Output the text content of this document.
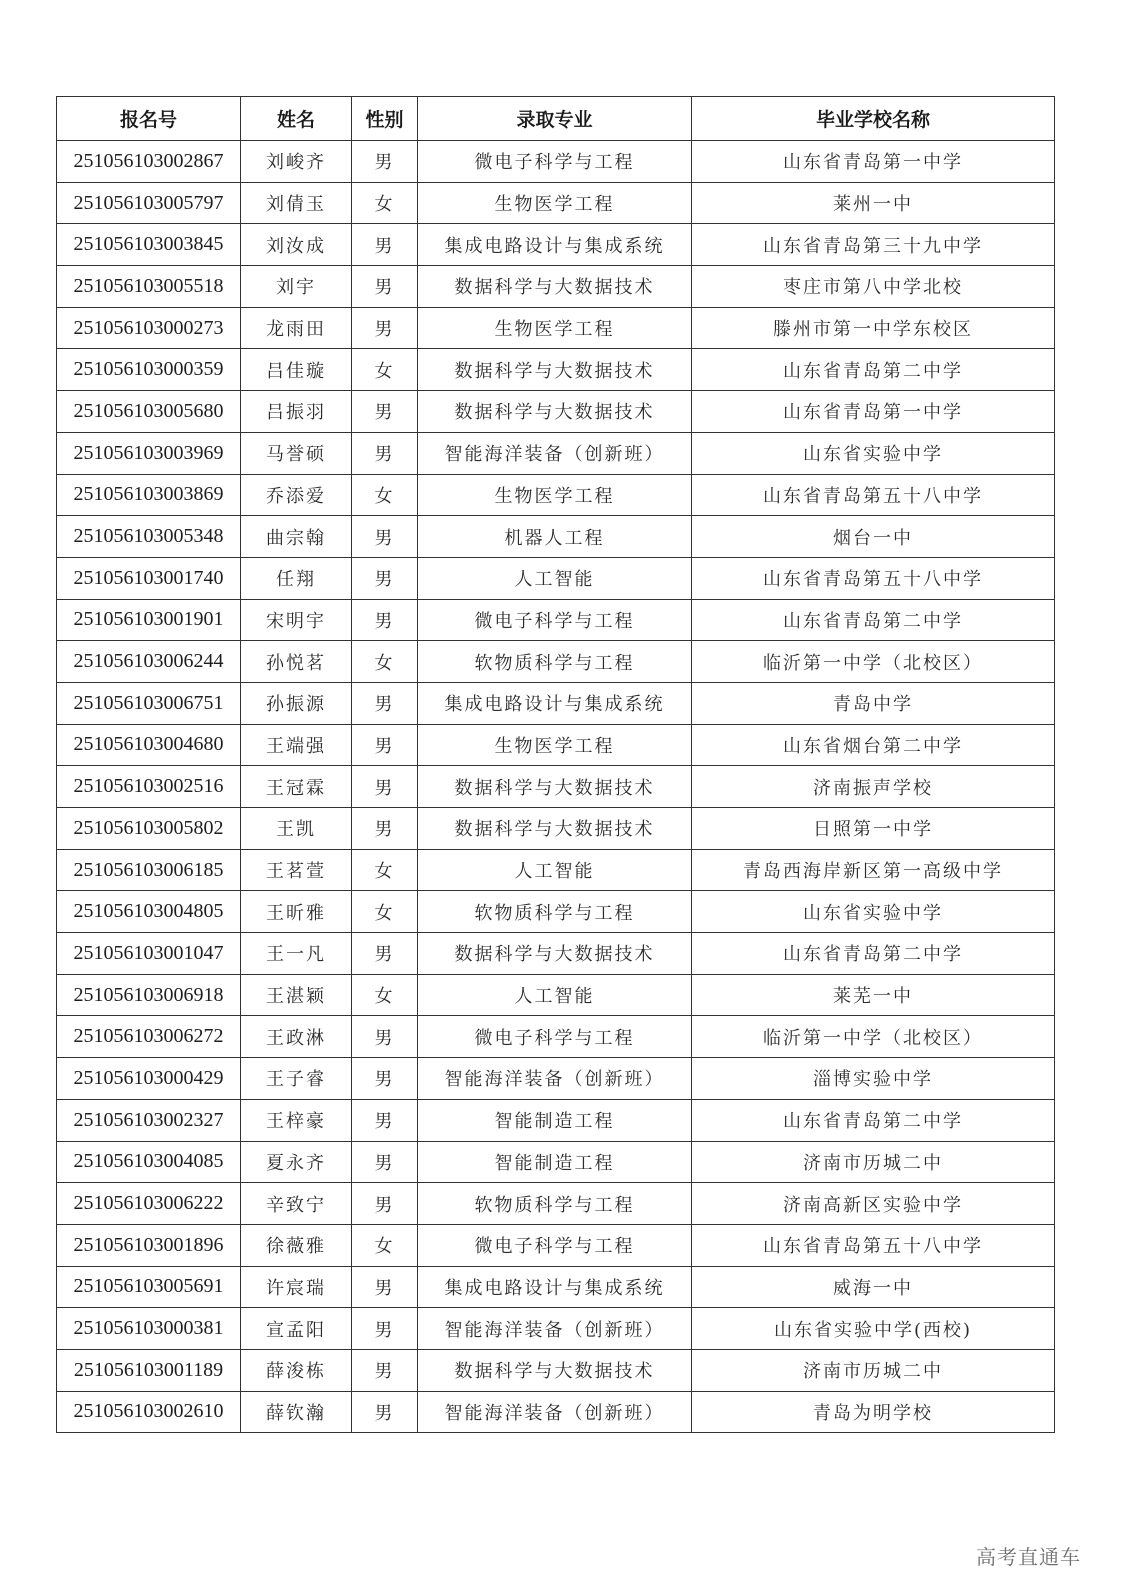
报名号	姓名	性别	录取专业	毕业学校名称
251056103002867	刘峻齐	男	微电子科学与工程	山东省青岛第一中学
251056103005797	刘倩玉	女	生物医学工程	莱州一中
251056103003845	刘汝成	男	集成电路设计与集成系统	山东省青岛第三十九中学
251056103005518	刘宇	男	数据科学与大数据技术	枣庄市第八中学北校
251056103000273	龙雨田	男	生物医学工程	滕州市第一中学东校区
251056103000359	吕佳璇	女	数据科学与大数据技术	山东省青岛第二中学
251056103005680	吕振羽	男	数据科学与大数据技术	山东省青岛第一中学
251056103003969	马誉硕	男	智能海洋装备（创新班）	山东省实验中学
251056103003869	乔添爱	女	生物医学工程	山东省青岛第五十八中学
251056103005348	曲宗翰	男	机器人工程	烟台一中
251056103001740	任翔	男	人工智能	山东省青岛第五十八中学
251056103001901	宋明宇	男	微电子科学与工程	山东省青岛第二中学
251056103006244	孙悦茗	女	软物质科学与工程	临沂第一中学（北校区）
251056103006751	孙振源	男	集成电路设计与集成系统	青岛中学
251056103004680	王端强	男	生物医学工程	山东省烟台第二中学
251056103002516	王冠霖	男	数据科学与大数据技术	济南振声学校
251056103005802	王凯	男	数据科学与大数据技术	日照第一中学
251056103006185	王茗萱	女	人工智能	青岛西海岸新区第一高级中学
251056103004805	王昕雅	女	软物质科学与工程	山东省实验中学
251056103001047	王一凡	男	数据科学与大数据技术	山东省青岛第二中学
251056103006918	王湛颖	女	人工智能	莱芜一中
251056103006272	王政淋	男	微电子科学与工程	临沂第一中学（北校区）
251056103000429	王子睿	男	智能海洋装备（创新班）	淄博实验中学
251056103002327	王梓豪	男	智能制造工程	山东省青岛第二中学
251056103004085	夏永齐	男	智能制造工程	济南市历城二中
251056103006222	辛致宁	男	软物质科学与工程	济南高新区实验中学
251056103001896	徐薇雅	女	微电子科学与工程	山东省青岛第五十八中学
251056103005691	许宸瑞	男	集成电路设计与集成系统	威海一中
251056103000381	宣孟阳	男	智能海洋装备（创新班）	山东省实验中学(西校)
251056103001189	薛浚栋	男	数据科学与大数据技术	济南市历城二中
251056103002610	薛钦瀚	男	智能海洋装备（创新班）	青岛为明学校
高考直通车
